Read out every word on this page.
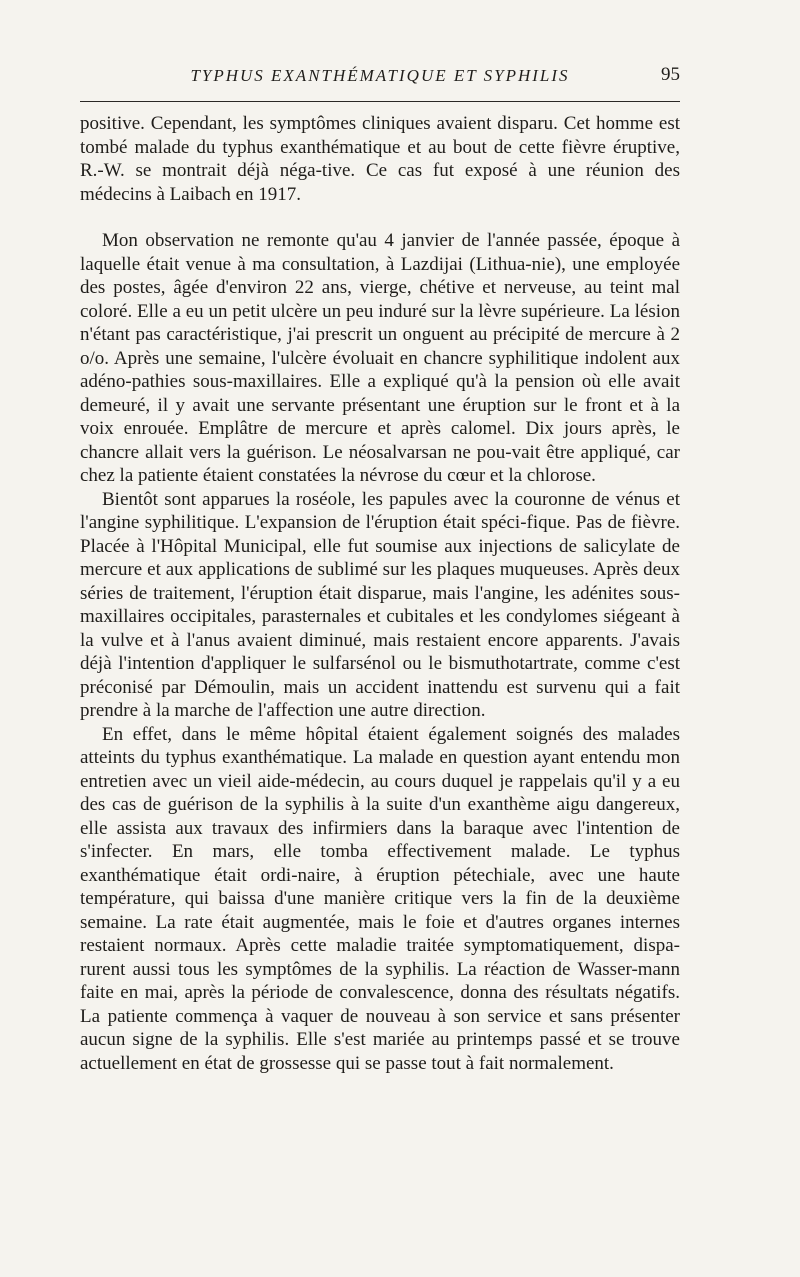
TYPHUS EXANTHÉMATIQUE ET SYPHILIS	95

positive. Cependant, les symptômes cliniques avaient disparu. Cet homme est tombé malade du typhus exanthématique et au bout de cette fièvre éruptive, R.-W. se montrait déjà néga-tive. Ce cas fut exposé à une réunion des médecins à Laibach en 1917.

Mon observation ne remonte qu'au 4 janvier de l'année passée, époque à laquelle était venue à ma consultation, à Lazdijai (Lithua-nie), une employée des postes, âgée d'environ 22 ans, vierge, chétive et nerveuse, au teint mal coloré. Elle a eu un petit ulcère un peu induré sur la lèvre supérieure. La lésion n'étant pas caractéristique, j'ai prescrit un onguent au précipité de mercure à 2 o/o. Après une semaine, l'ulcère évoluait en chancre syphilitique indolent aux adéno-pathies sous-maxillaires. Elle a expliqué qu'à la pension où elle avait demeuré, il y avait une servante présentant une éruption sur le front et à la voix enrouée. Emplâtre de mercure et après calomel. Dix jours après, le chancre allait vers la guérison. Le néosalvarsan ne pou-vait être appliqué, car chez la patiente étaient constatées la névrose du cœur et la chlorose.

Bientôt sont apparues la roséole, les papules avec la couronne de vénus et l'angine syphilitique. L'expansion de l'éruption était spéci-fique. Pas de fièvre. Placée à l'Hôpital Municipal, elle fut soumise aux injections de salicylate de mercure et aux applications de sublimé sur les plaques muqueuses. Après deux séries de traitement, l'éruption était disparue, mais l'angine, les adénites sous-maxillaires occipitales, parasternales et cubitales et les condylomes siégeant à la vulve et à l'anus avaient diminué, mais restaient encore apparents. J'avais déjà l'intention d'appliquer le sulfarsénol ou le bismuthotartrate, comme c'est préconisé par Démoulin, mais un accident inattendu est survenu qui a fait prendre à la marche de l'affection une autre direction.

En effet, dans le même hôpital étaient également soignés des malades atteints du typhus exanthématique. La malade en question ayant entendu mon entretien avec un vieil aide-médecin, au cours duquel je rappelais qu'il y a eu des cas de guérison de la syphilis à la suite d'un exanthème aigu dangereux, elle assista aux travaux des infirmiers dans la baraque avec l'intention de s'infecter. En mars, elle tomba effectivement malade. Le typhus exanthématique était ordi-naire, à éruption pétechiale, avec une haute température, qui baissa d'une manière critique vers la fin de la deuxième semaine. La rate était augmentée, mais le foie et d'autres organes internes restaient normaux. Après cette maladie traitée symptomatiquement, dispa-rurent aussi tous les symptômes de la syphilis. La réaction de Wasser-mann faite en mai, après la période de convalescence, donna des résultats négatifs. La patiente commença à vaquer de nouveau à son service et sans présenter aucun signe de la syphilis. Elle s'est mariée au printemps passé et se trouve actuellement en état de grossesse qui se passe tout à fait normalement.
